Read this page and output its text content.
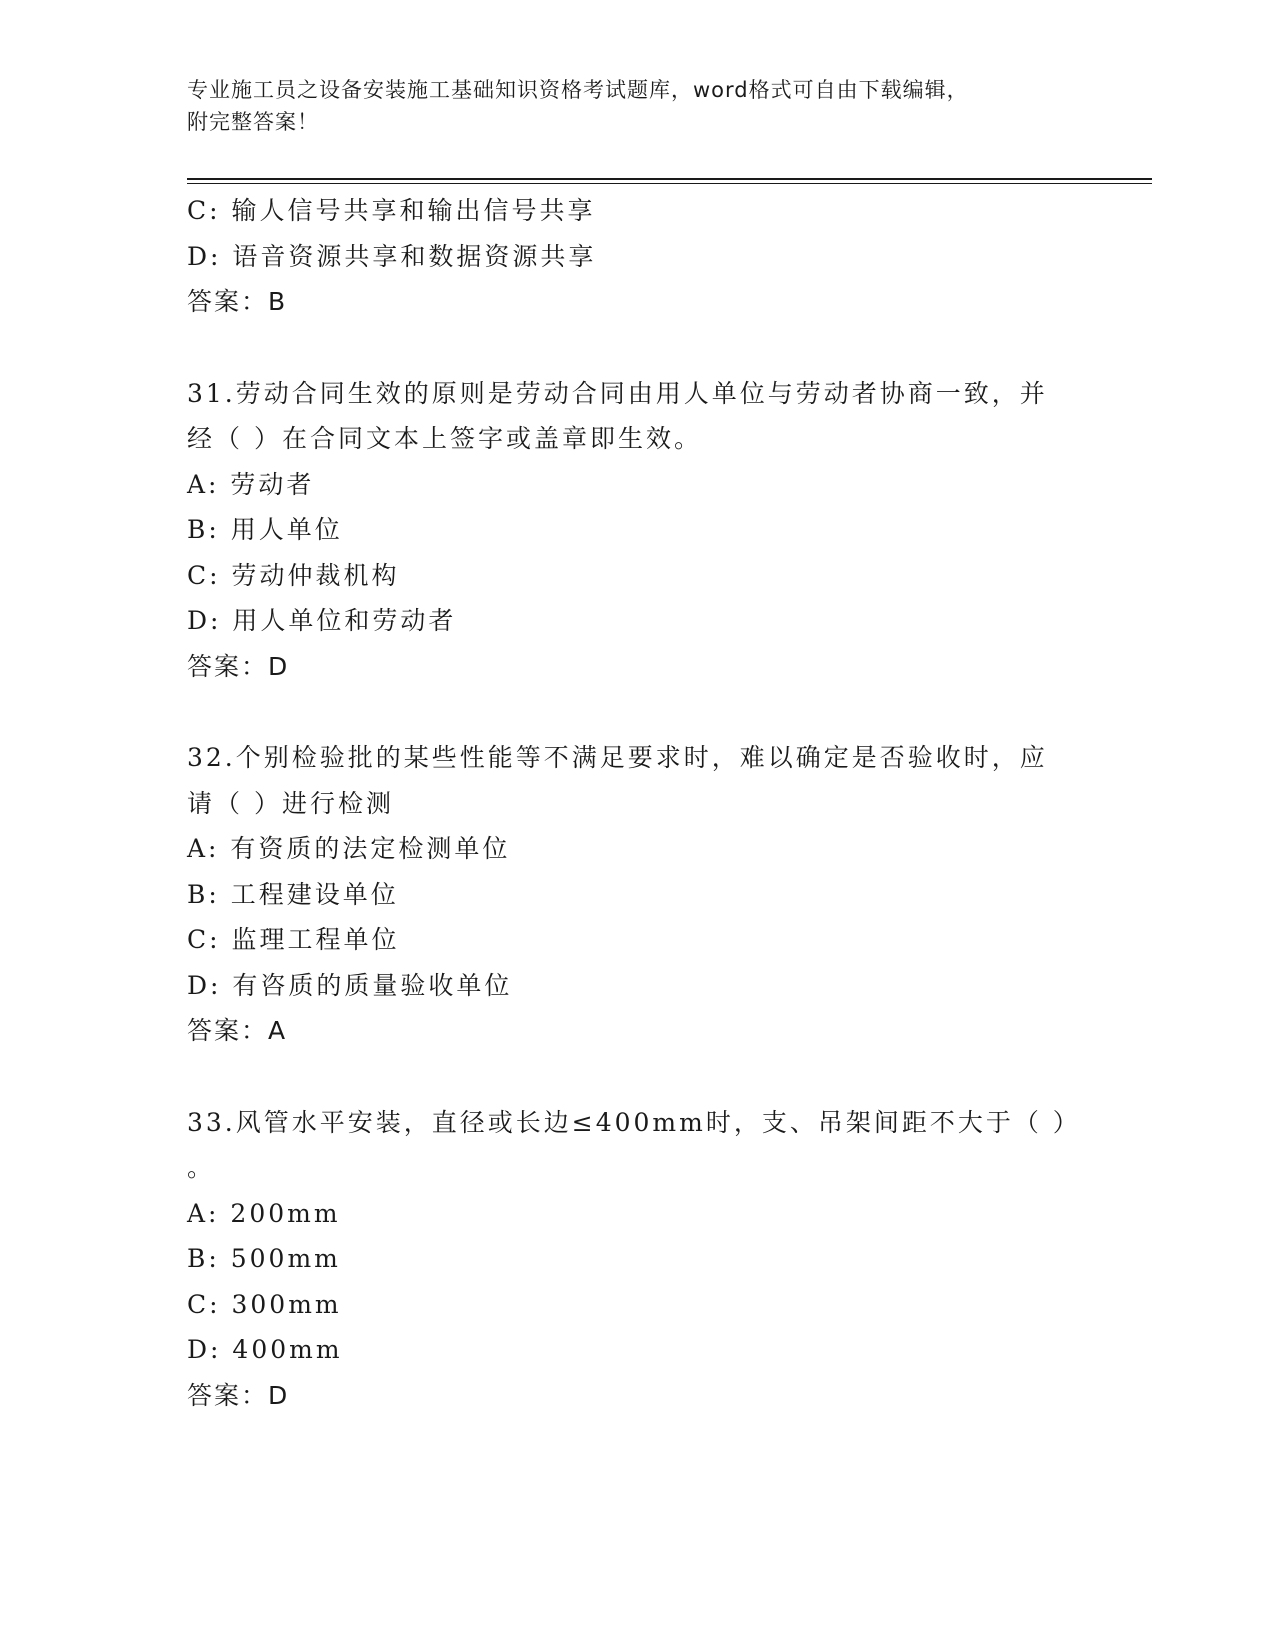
专业施工员之设备安装施工基础知识资格考试题库，word格式可自由下载编辑，
附完整答案！
C: 输人信号共享和输出信号共享
D: 语音资源共享和数据资源共享
答案：B
31.劳动合同生效的原则是劳动合同由用人单位与劳动者协商一致，并
经（ ）在合同文本上签字或盖章即生效。
A: 劳动者
B: 用人单位
C: 劳动仲裁机构
D: 用人单位和劳动者
答案：D
32.个别检验批的某些性能等不满足要求时，难以确定是否验收时，应
请（ ）进行检测
A: 有资质的法定检测单位
B: 工程建设单位
C: 监理工程单位
D: 有咨质的质量验收单位
答案：A
33.风管水平安装，直径或长边≤400mm时，支、吊架间距不大于（ ）
。
A: 200mm
B: 500mm
C: 300mm
D: 400mm
答案：D
